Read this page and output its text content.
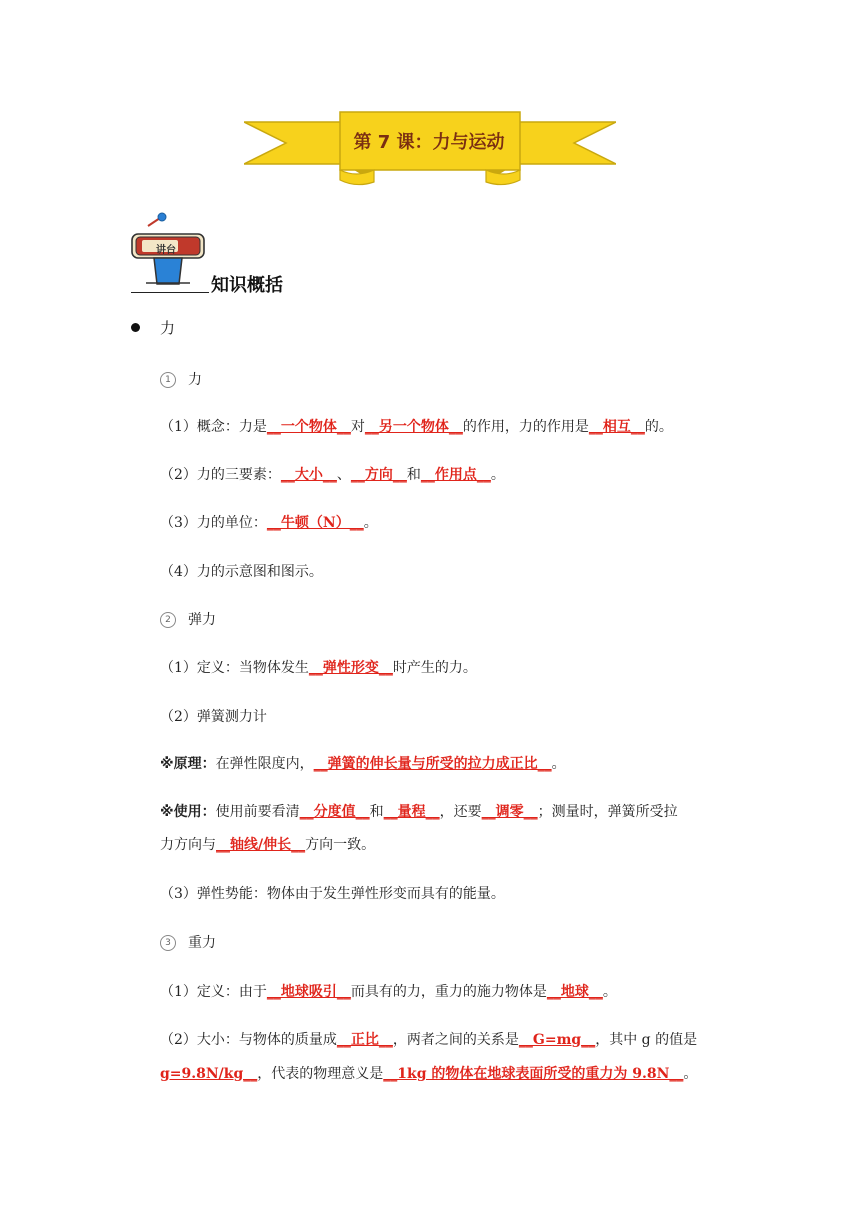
第 7 课：力与运动
讲台
知识概括
力
1 力
（1）概念：力是__一个物体__对__另一个物体__的作用，力的作用是__相互__的。
（2）力的三要素：__大小__、__方向__和__作用点__。
（3）力的单位：__牛顿（N）__。
（4）力的示意图和图示。
2 弹力
（1）定义：当物体发生__弹性形变__时产生的力。
（2）弹簧测力计
※原理：在弹性限度内，__弹簧的伸长量与所受的拉力成正比__。
※使用：使用前要看清__分度值__和__量程__，还要__调零__；测量时，弹簧所受拉
力方向与__轴线/伸长__方向一致。
（3）弹性势能：物体由于发生弹性形变而具有的能量。
3 重力
（1）定义：由于__地球吸引__而具有的力，重力的施力物体是__地球__。
（2）大小：与物体的质量成__正比__，两者之间的关系是__G=mg__，其中 g 的值是
g=9.8N/kg__，代表的物理意义是__1kg 的物体在地球表面所受的重力为 9.8N__。
